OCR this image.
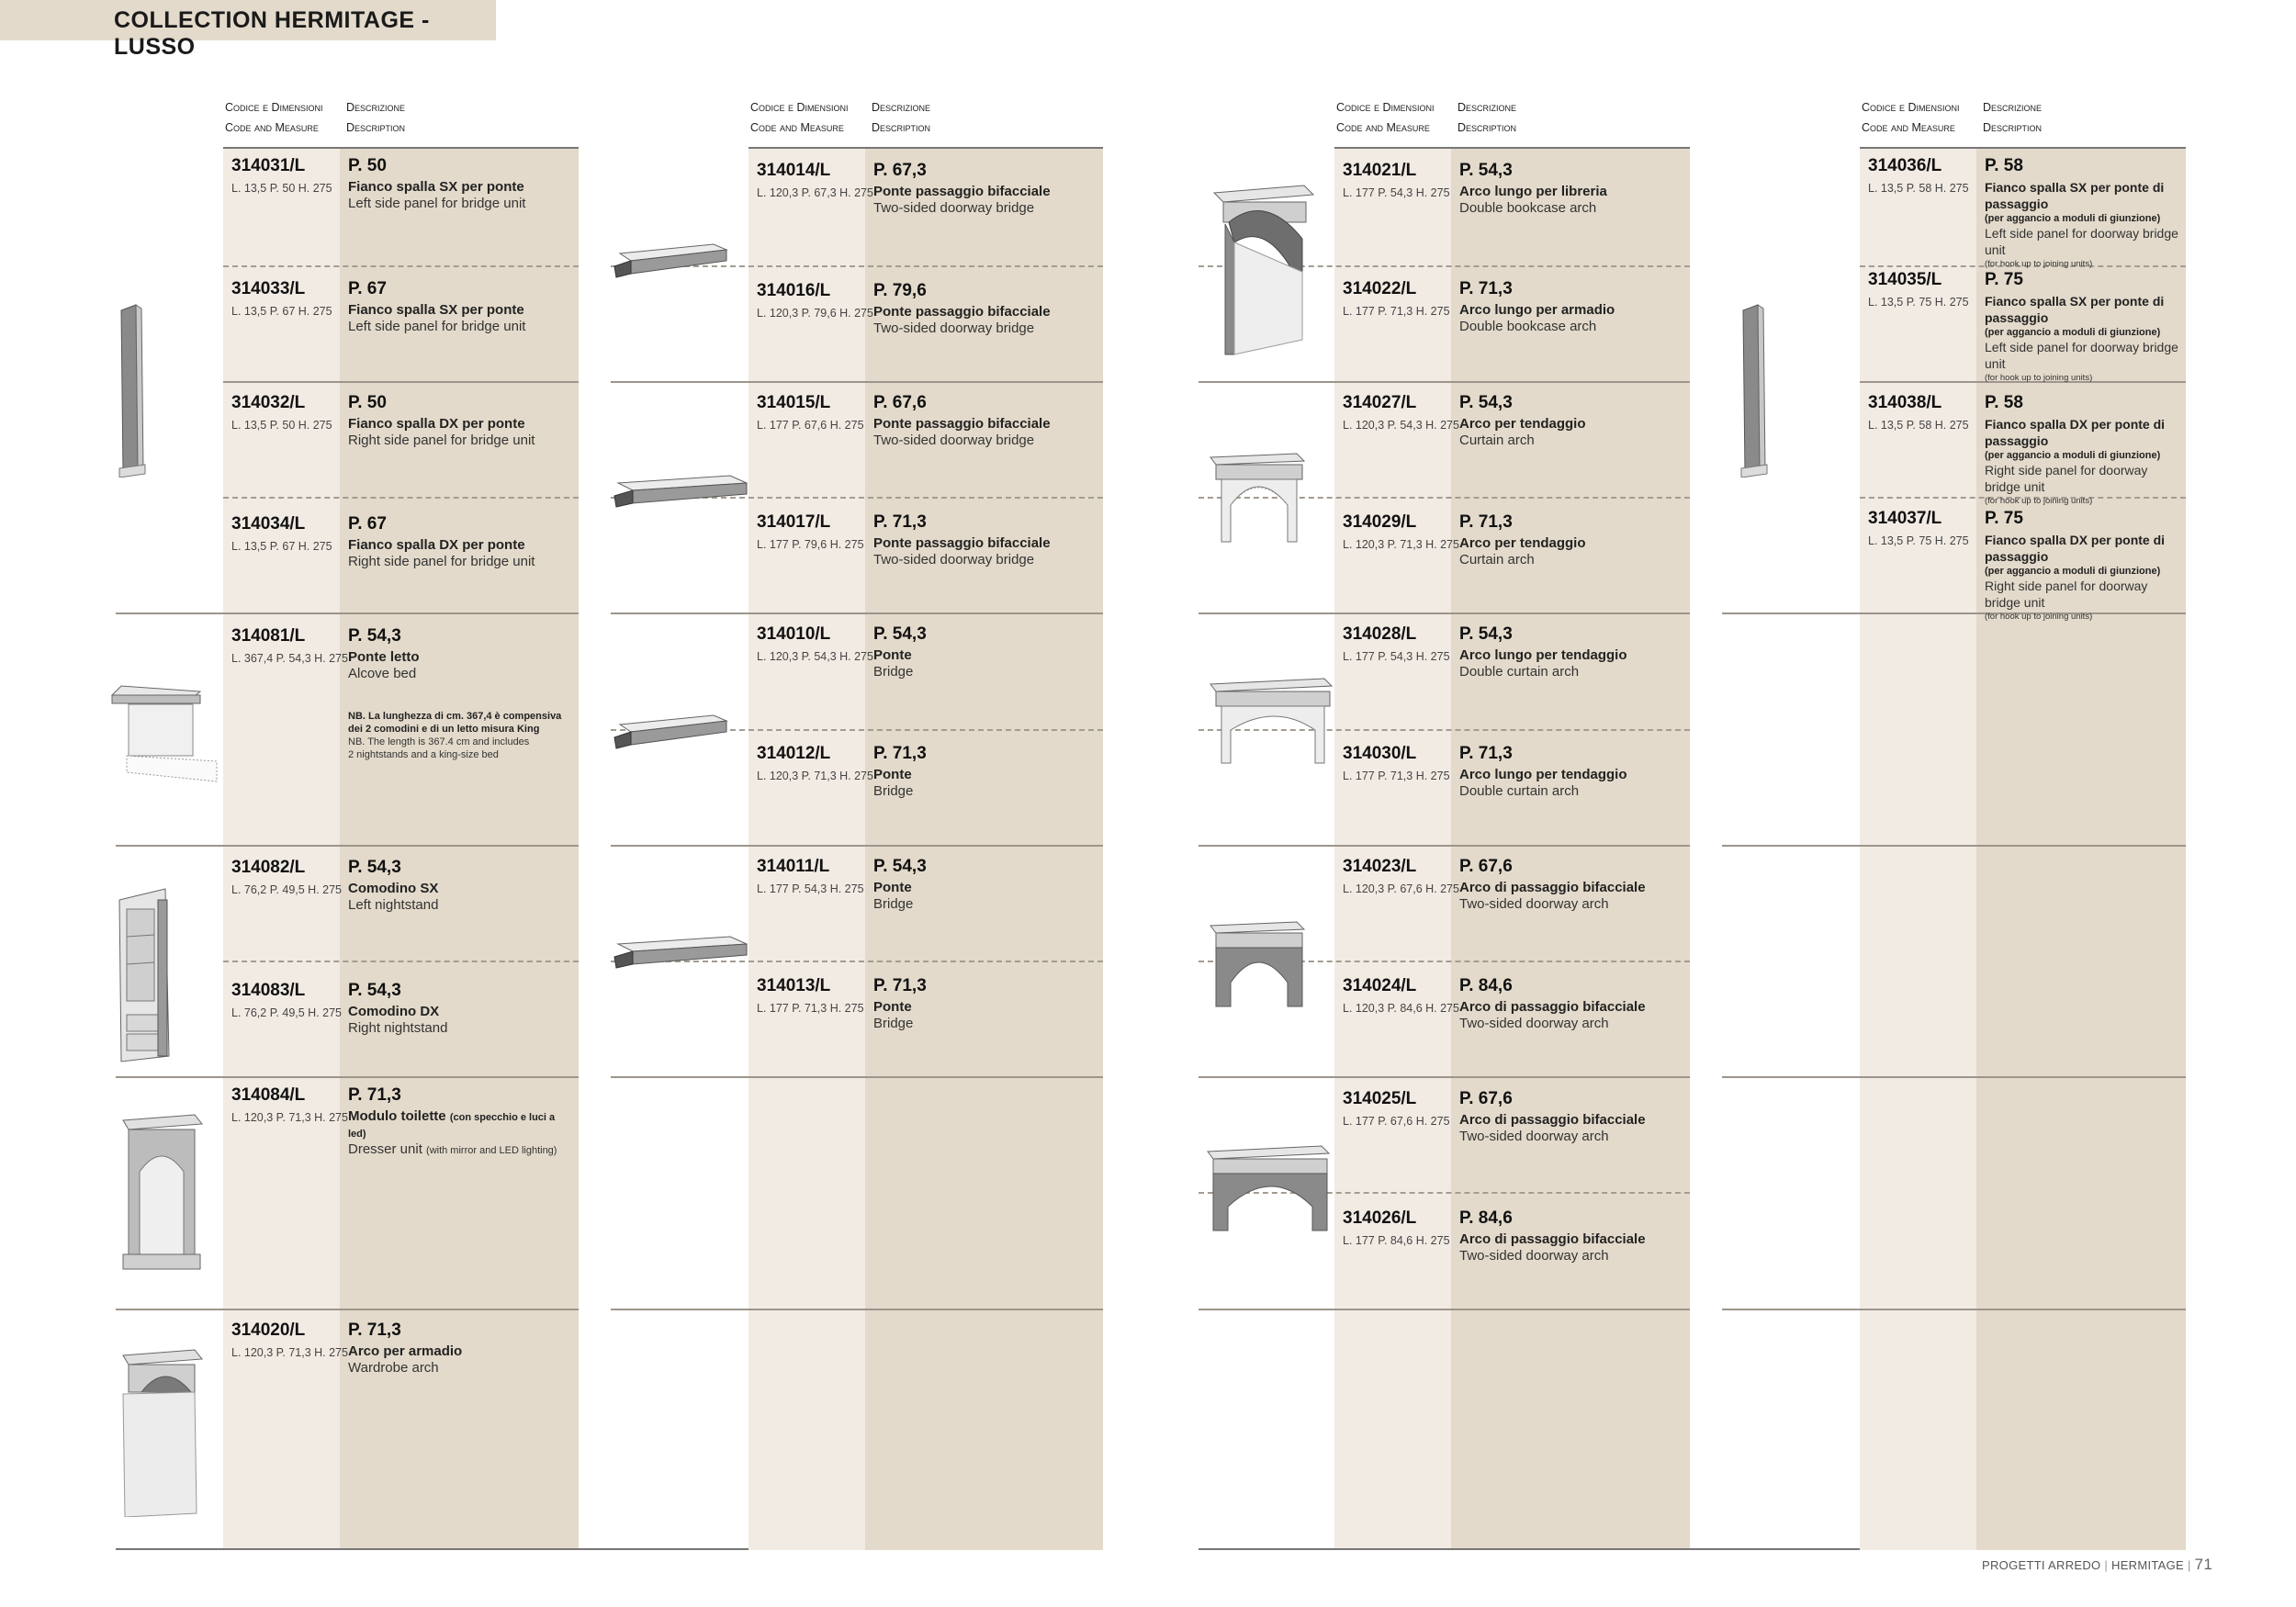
COLLECTION HERMITAGE - LUSSO
Codice e Dimensioni
Code and Measure
Descrizione
Description
314031/L
L. 13,5 P. 50 H. 275
P. 50
Fianco spalla SX per ponte
Left side panel for bridge unit
314033/L
L. 13,5 P. 67 H. 275
P. 67
Fianco spalla SX per ponte
Left side panel for bridge unit
314032/L
L. 13,5 P. 50 H. 275
P. 50
Fianco spalla DX per ponte
Right side panel for bridge unit
314034/L
L. 13,5 P. 67 H. 275
P. 67
Fianco spalla DX per ponte
Right side panel for bridge unit
314081/L
L. 367,4 P. 54,3 H. 275
P. 54,3
Ponte letto
Alcove bed
NB. La lunghezza di cm. 367,4 è compensiva
dei 2 comodini e di un letto misura King
NB. The length is 367.4 cm and includes
2 nightstands and a king-size bed
314082/L
L. 76,2 P. 49,5 H. 275
P. 54,3
Comodino SX
Left nightstand
314083/L
L. 76,2 P. 49,5 H. 275
P. 54,3
Comodino DX
Right nightstand
314084/L
L. 120,3 P. 71,3 H. 275
P. 71,3
Modulo toilette (con specchio e luci a led)
Dresser unit (with mirror and LED lighting)
314020/L
L. 120,3 P. 71,3 H. 275
P. 71,3
Arco per armadio
Wardrobe arch
Codice e Dimensioni
Code and Measure
Descrizione
Description
314014/L
L. 120,3 P. 67,3 H. 275
P. 67,3
Ponte passaggio bifacciale
Two-sided doorway bridge
314016/L
L. 120,3 P. 79,6 H. 275
P. 79,6
Ponte passaggio bifacciale
Two-sided doorway bridge
314015/L
L. 177 P. 67,6 H. 275
P. 67,6
Ponte passaggio bifacciale
Two-sided doorway bridge
314017/L
L. 177 P. 79,6 H. 275
P. 71,3
Ponte passaggio bifacciale
Two-sided doorway bridge
314010/L
L. 120,3 P. 54,3 H. 275
P. 54,3
Ponte
Bridge
314012/L
L. 120,3 P. 71,3 H. 275
P. 71,3
Ponte
Bridge
314011/L
L. 177 P. 54,3 H. 275
P. 54,3
Ponte
Bridge
314013/L
L. 177 P. 71,3 H. 275
P. 71,3
Ponte
Bridge
Codice e Dimensioni
Code and Measure
Descrizione
Description
314021/L
L. 177 P. 54,3 H. 275
P. 54,3
Arco lungo per libreria
Double bookcase arch
314022/L
L. 177 P. 71,3 H. 275
P. 71,3
Arco lungo per armadio
Double bookcase arch
314027/L
L. 120,3 P. 54,3 H. 275
P. 54,3
Arco per tendaggio
Curtain arch
314029/L
L. 120,3 P. 71,3 H. 275
P. 71,3
Arco per tendaggio
Curtain arch
314028/L
L. 177 P. 54,3 H. 275
P. 54,3
Arco lungo per tendaggio
Double curtain arch
314030/L
L. 177 P. 71,3 H. 275
P. 71,3
Arco lungo per tendaggio
Double curtain arch
314023/L
L. 120,3 P. 67,6 H. 275
P. 67,6
Arco di passaggio bifacciale
Two-sided doorway arch
314024/L
L. 120,3 P. 84,6 H. 275
P. 84,6
Arco di passaggio bifacciale
Two-sided doorway arch
314025/L
L. 177 P. 67,6 H. 275
P. 67,6
Arco di passaggio bifacciale
Two-sided doorway arch
314026/L
L. 177 P. 84,6 H. 275
P. 84,6
Arco di passaggio bifacciale
Two-sided doorway arch
Codice e Dimensioni
Code and Measure
Descrizione
Description
314036/L
L. 13,5 P. 58 H. 275
P. 58
Fianco spalla SX per ponte di passaggio
(per aggancio a moduli di giunzione)
Left side panel for doorway bridge unit
(for hook up to joining units)
314035/L
L. 13,5 P. 75 H. 275
P. 75
Fianco spalla SX per ponte di passaggio
(per aggancio a moduli di giunzione)
Left side panel for doorway bridge unit
(for hook up to joining units)
314038/L
L. 13,5 P. 58 H. 275
P. 58
Fianco spalla DX per ponte di passaggio
(per aggancio a moduli di giunzione)
Right side panel for doorway bridge unit
(for hook up to joining units)
314037/L
L. 13,5 P. 75 H. 275
P. 75
Fianco spalla DX per ponte di passaggio
(per aggancio a moduli di giunzione)
Right side panel for doorway bridge unit
(for hook up to joining units)
PROGETTI ARREDO | HERMITAGE | 71
